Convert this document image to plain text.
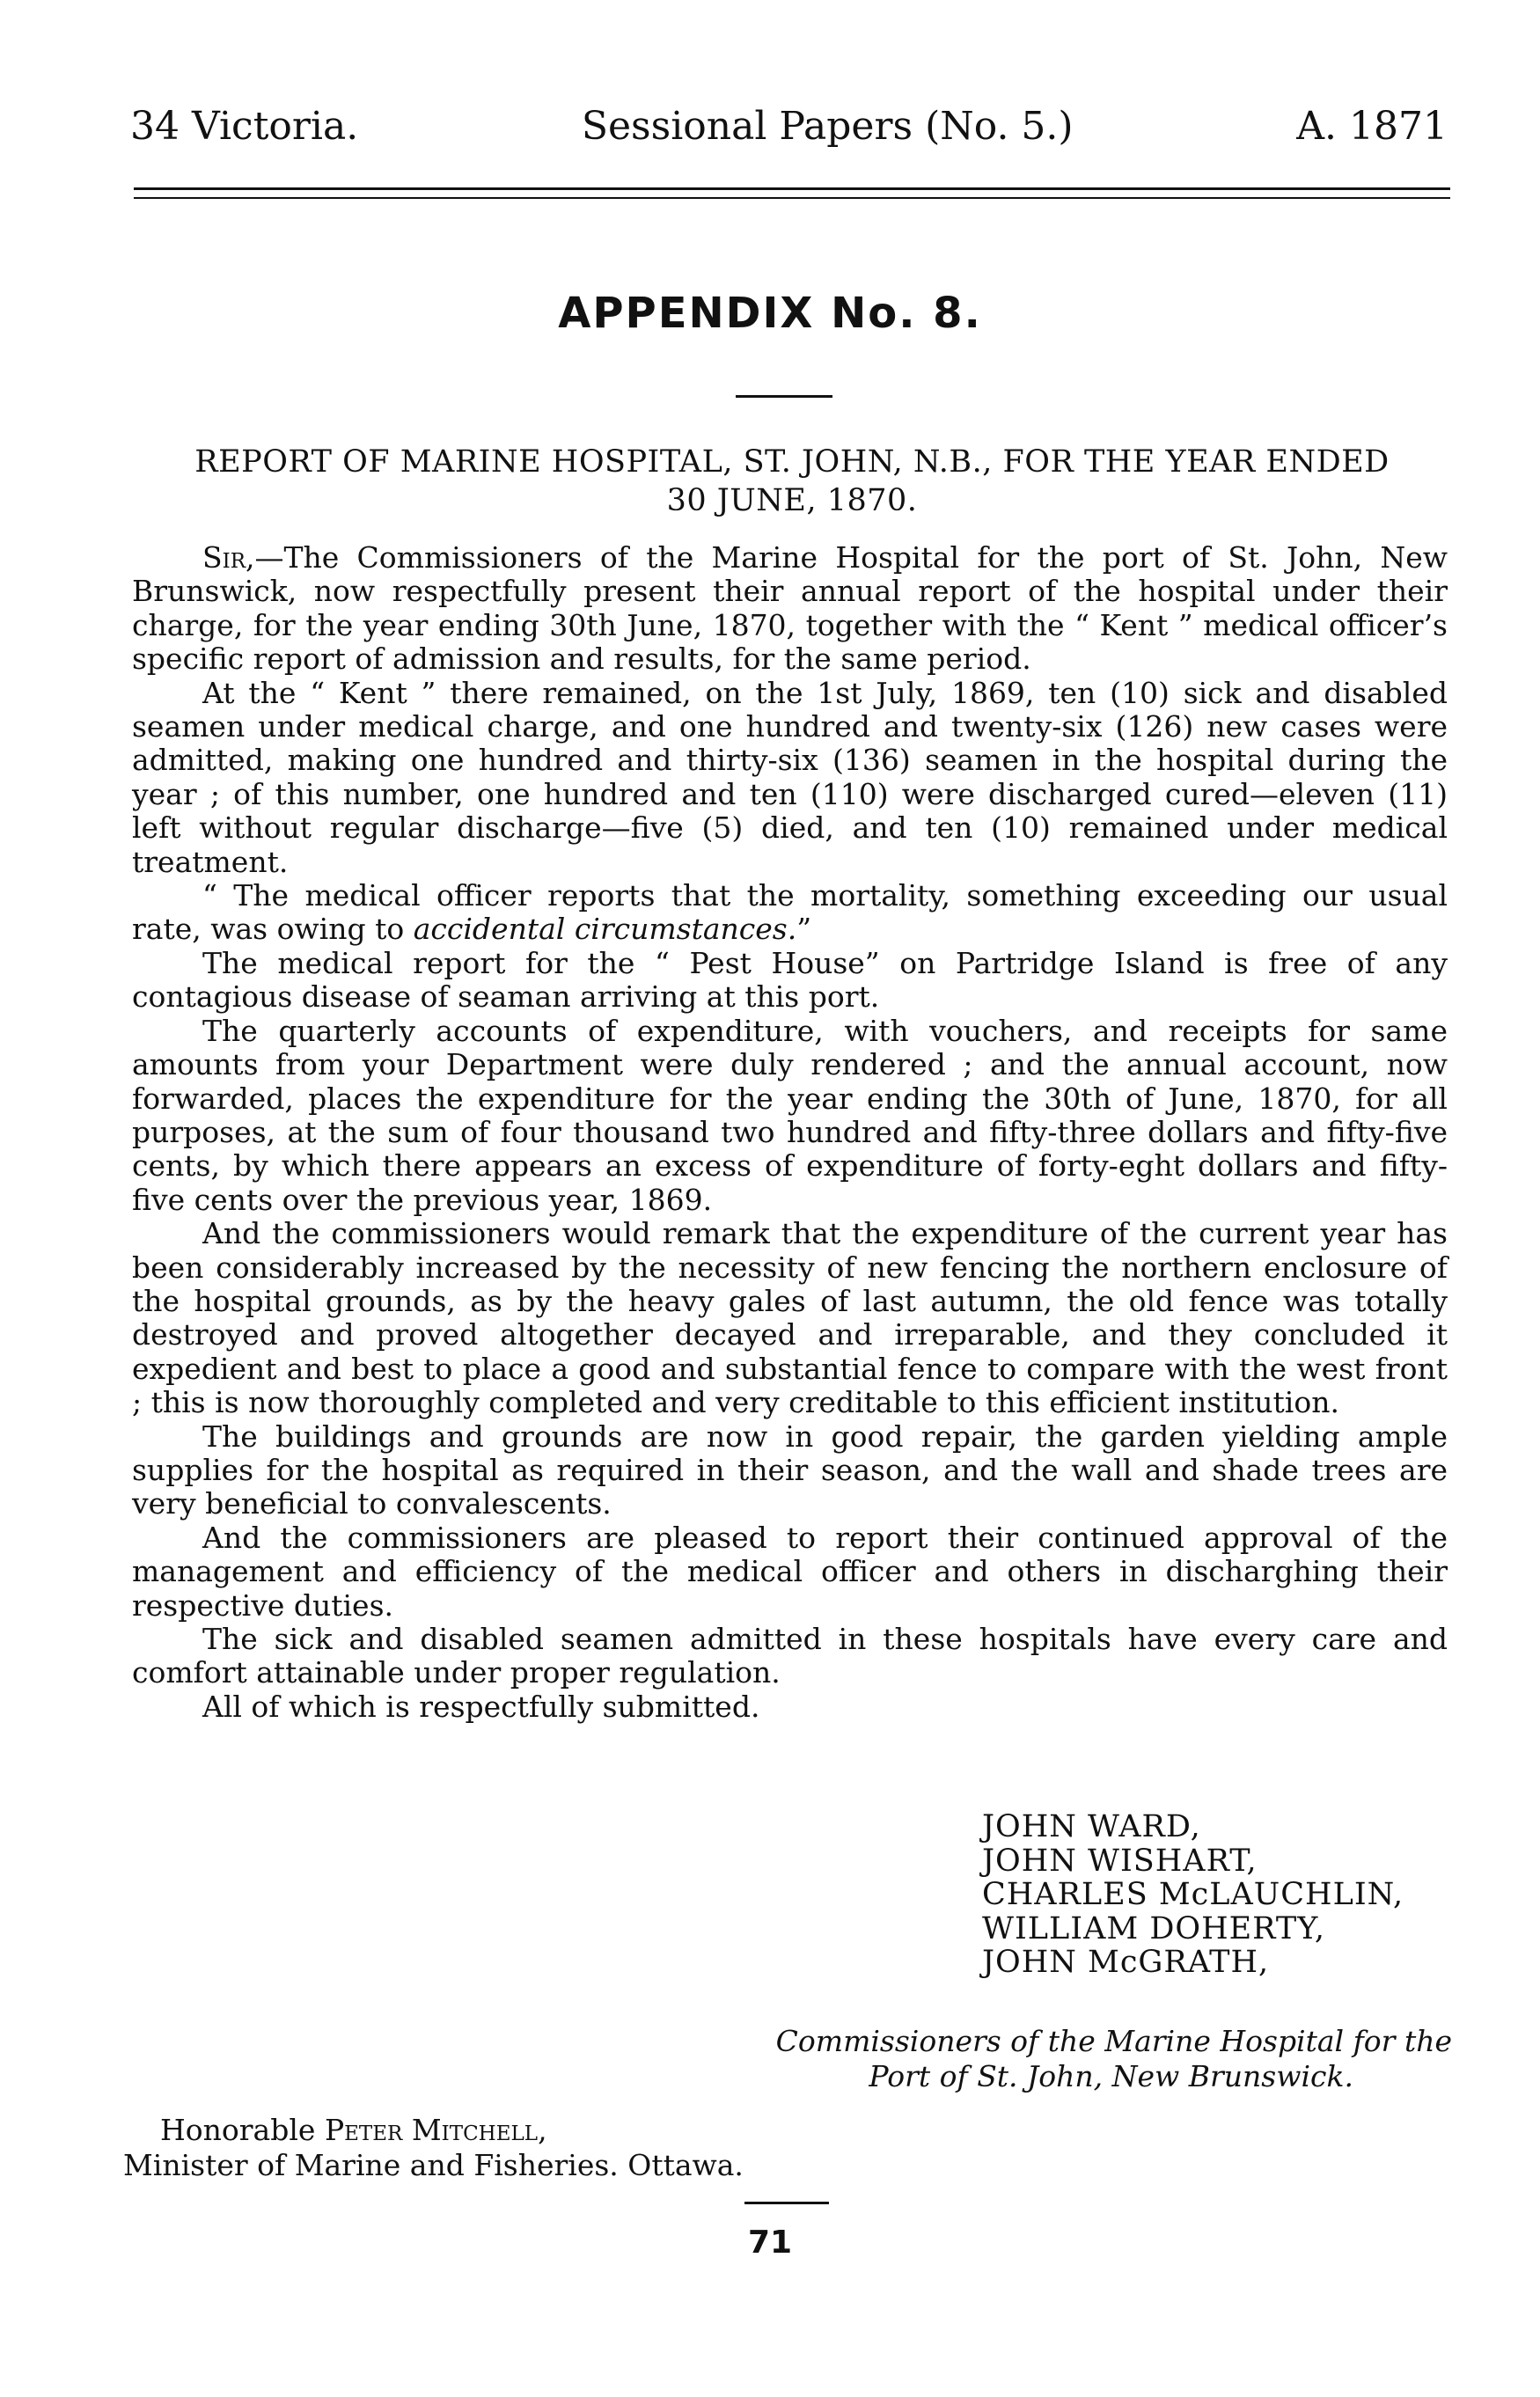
34 Victoria.	Sessional Papers (No. 5.)	A. 1871
APPENDIX No. 8.
REPORT OF MARINE HOSPITAL, ST. JOHN, N.B., FOR THE YEAR ENDED
30 JUNE, 1870.

Sir,—The Commissioners of the Marine Hospital for the port of St. John, New Brunswick, now respectfully present their annual report of the hospital under their charge, for the year ending 30th June, 1870, together with the “ Kent ” medical officer’s specific report of admission and results, for the same period.

At the “ Kent ” there remained, on the 1st July, 1869, ten (10) sick and disabled seamen under medical charge, and one hundred and twenty-six (126) new cases were admitted, making one hundred and thirty-six (136) seamen in the hospital during the year ; of this number, one hundred and ten (110) were discharged cured—eleven (11) left without regular discharge—five (5) died, and ten (10) remained under medical treatment.

“ The medical officer reports that the mortality, something exceeding our usual rate, was owing to accidental circumstances.”

The medical report for the “ Pest House” on Partridge Island is free of any contagious disease of seaman arriving at this port.

The quarterly accounts of expenditure, with vouchers, and receipts for same amounts from your Department were duly rendered ; and the annual account, now forwarded, places the expenditure for the year ending the 30th of June, 1870, for all purposes, at the sum of four thousand two hundred and fifty-three dollars and fifty-five cents, by which there appears an excess of expenditure of forty-eght dollars and fifty-five cents over the previous year, 1869.

And the commissioners would remark that the expenditure of the current year has been considerably increased by the necessity of new fencing the northern enclosure of the hospital grounds, as by the heavy gales of last autumn, the old fence was totally destroyed and proved altogether decayed and irreparable, and they concluded it expedient and best to place a good and substantial fence to compare with the west front ; this is now thoroughly completed and very creditable to this efficient institution.

The buildings and grounds are now in good repair, the garden yielding ample supplies for the hospital as required in their season, and the wall and shade trees are very beneficial to convalescents.

And the commissioners are pleased to report their continued approval of the management and efficiency of the medical officer and others in discharghing their respective duties.

The sick and disabled seamen admitted in these hospitals have every care and comfort attainable under proper regulation.

All of which is respectfully submitted.

JOHN WARD,
JOHN WISHART,
CHARLES McLAUCHLIN,
WILLIAM DOHERTY,
JOHN McGRATH,
Commissioners of the Marine Hospital for the
Port of St. John, New Brunswick.
Honorable Peter Mitchell,
Minister of Marine and Fisheries. Ottawa.
71
